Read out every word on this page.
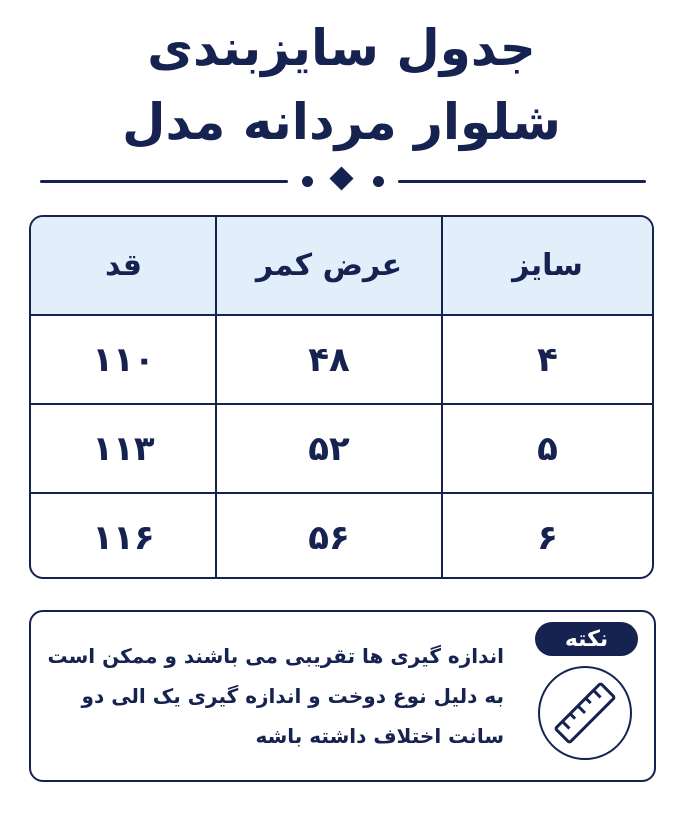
جدول سایزبندی
شلوار مردانه مدل
سایز
عرض کمر
قد
۴
۴۸
۱۱۰
۵
۵۲
۱۱۳
۶
۵۶
۱۱۶
نکته
اندازه گیری ها تقریبی می باشند و ممکن است
به دلیل نوع دوخت و اندازه گیری یک الی دو
سانت اختلاف داشته باشه
